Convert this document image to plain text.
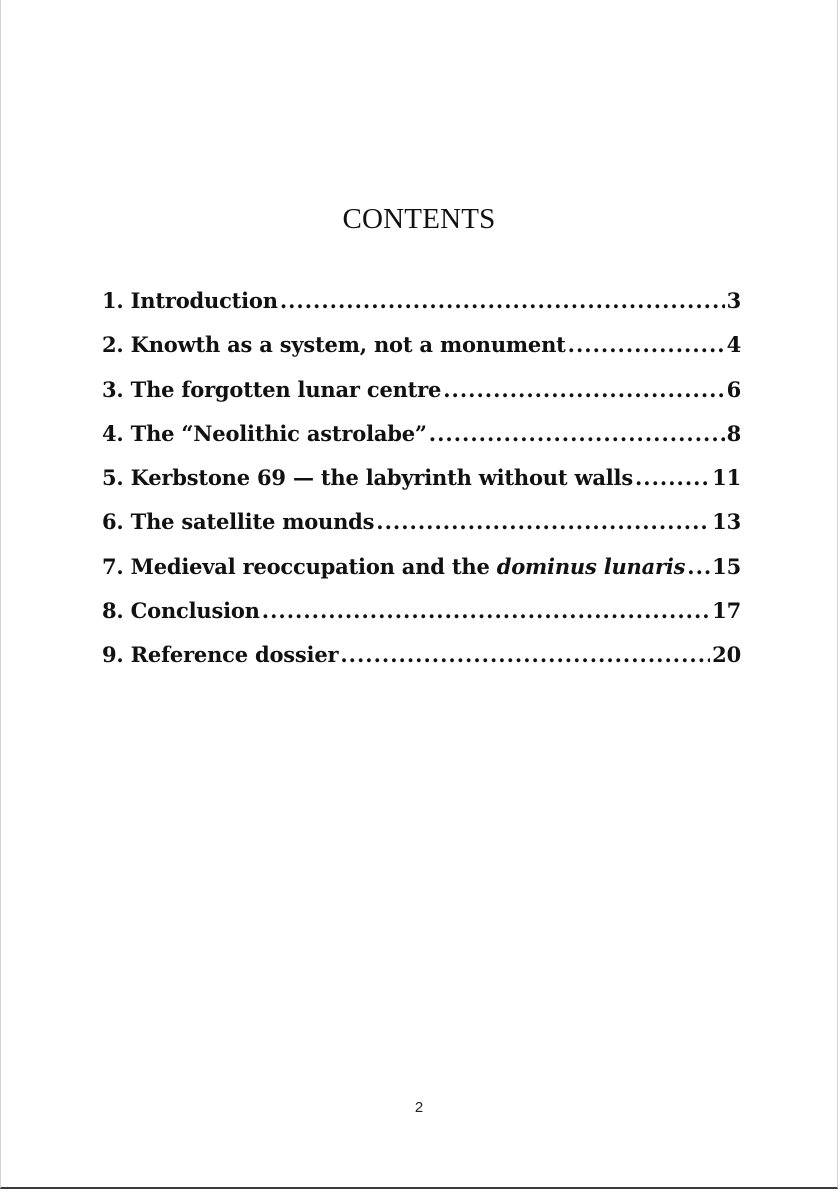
CONTENTS
1. Introduction .....	3
2. Knowth as a system, not a monument .....	4
3. The forgotten lunar centre .....	6
4. The “Neolithic astrolabe” .....	8
5. Kerbstone 69 — the labyrinth without walls .....	11
6. The satellite mounds .....	13
7. Medieval reoccupation and the dominus lunaris ..... 15
8. Conclusion .....	17
9. Reference dossier .....	20
2
